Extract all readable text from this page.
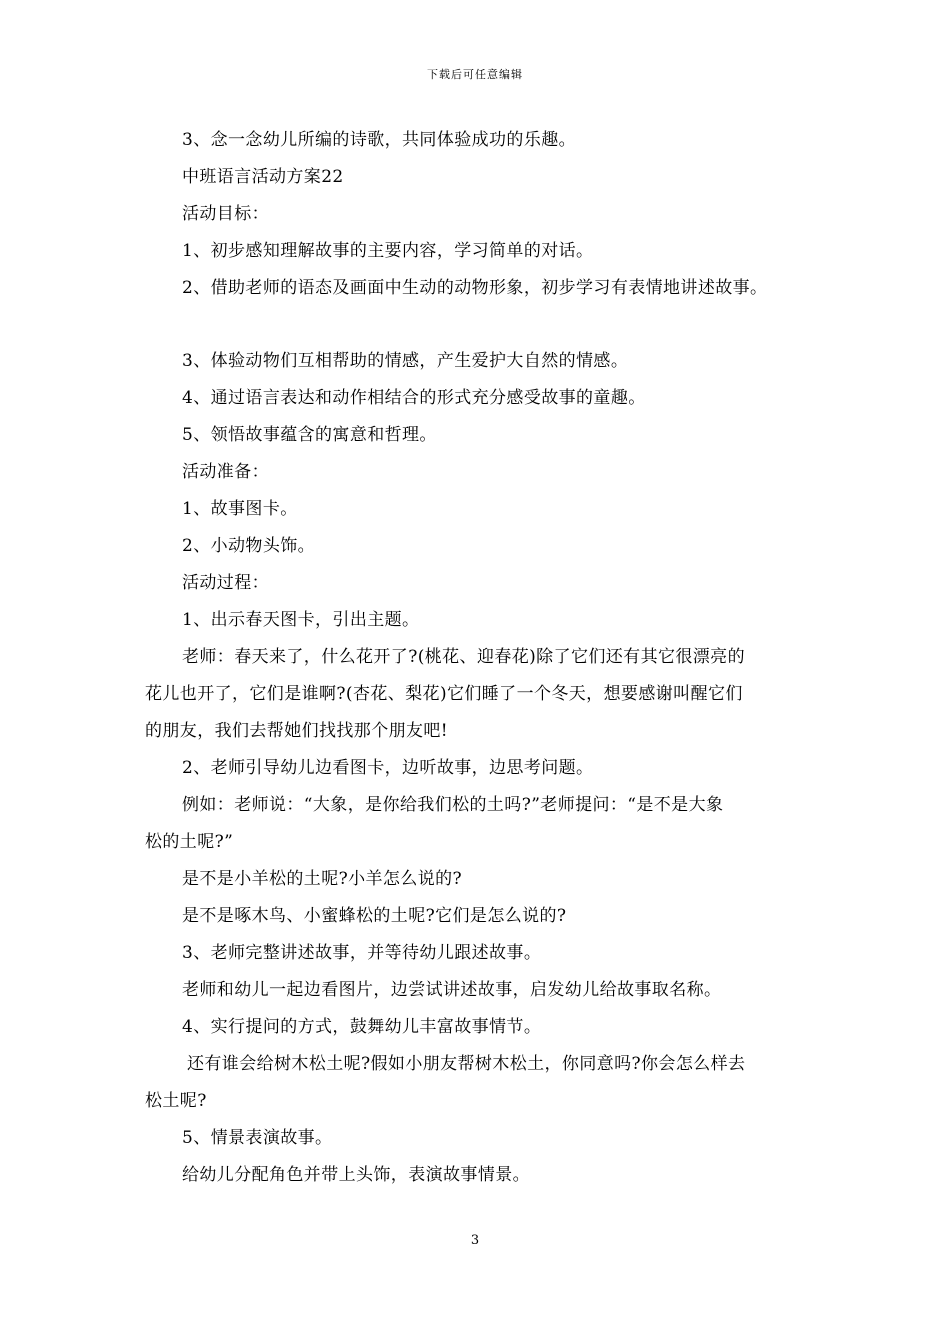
下载后可任意编辑
3、念一念幼儿所编的诗歌，共同体验成功的乐趣。
中班语言活动方案22
活动目标：
1、初步感知理解故事的主要内容，学习简单的对话。
2、借助老师的语态及画面中生动的动物形象，初步学习有表情地讲述故事。
3、体验动物们互相帮助的情感，产生爱护大自然的情感。
4、通过语言表达和动作相结合的形式充分感受故事的童趣。
5、领悟故事蕴含的寓意和哲理。
活动准备：
1、故事图卡。
2、小动物头饰。
活动过程：
1、出示春天图卡，引出主题。
老师：春天来了，什么花开了?(桃花、迎春花)除了它们还有其它很漂亮的
花儿也开了，它们是谁啊?(杏花、梨花)它们睡了一个冬天，想要感谢叫醒它们
的朋友，我们去帮她们找找那个朋友吧!
2、老师引导幼儿边看图卡，边听故事，边思考问题。
例如：老师说：“大象，是你给我们松的土吗?”老师提问：“是不是大象
松的土呢?”
是不是小羊松的土呢?小羊怎么说的?
是不是啄木鸟、小蜜蜂松的土呢?它们是怎么说的?
3、老师完整讲述故事，并等待幼儿跟述故事。
老师和幼儿一起边看图片，边尝试讲述故事，启发幼儿给故事取名称。
4、实行提问的方式，鼓舞幼儿丰富故事情节。
还有谁会给树木松土呢?假如小朋友帮树木松土，你同意吗?你会怎么样去
松土呢?
5、情景表演故事。
给幼儿分配角色并带上头饰，表演故事情景。
3
